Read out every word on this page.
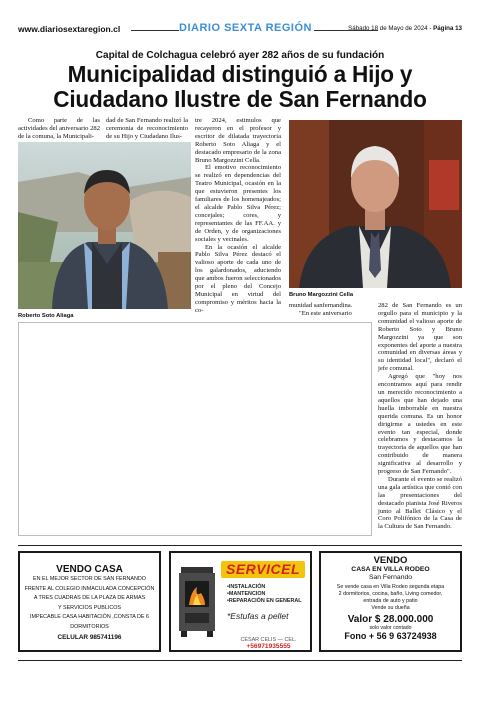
www.diariosextaregion.cl	DIARIO SEXTA REGIÓN	Sábado 18 de Mayo de 2024 - Página 13
Capital de Colchagua celebró ayer 282 años de su fundación
Municipalidad distinguió a Hijo y Ciudadano Ilustre de San Fernando

Como parte de las actividades del aniversario 282 de la comuna, la Municipali-

dad de San Fernando realizó la ceremonia de reconocimiento de su Hijo y Ciudadano Ilus-

Roberto Soto Aliaga

tre 2024, estimulos que recayeron en el profesor y escritor de dilatada trayectoria Roberto Soto Aliaga y el destacado empresario de la zona Bruno Margozzini Cella.

El emotivo reconocimiento se realizó en dependencias del Teatro Municipal, ocasión en la que estuvieron presentes los familiares de los homenajeados; el alcalde Pablo Silva Pérez; concejales; cores, y representantes de las FF.AA. y de Orden, y de organizaciones sociales y vecinales.

En la ocasión el alcalde Pablo Silva Pérez destacó el valioso aporte de cada uno de los galardonados, aduciendo que ambos fueron seleccionados por el pleno del Concejo Municipal en virtud del compromiso y méritos hacia la co-

Bruno Margozzini Cella

munidad sanfernandina.

"En este aniversario

282 de San Fernando es un orgullo para el municipio y la comunidad el valioso aporte de Roberto Soto y Bruno Margozzini ya que son exponentes del aporte a nuestra comunidad en diversas áreas y su identidad local", declaró el jefe comunal.

Agregó que "hoy nos encontramos aquí para rendir un merecido reconocimiento a aquellos que han dejado una huella imborrable en nuestra querida comuna. Es un honor dirigirme a ustedes en este evento tan especial, donde celebramos y destacamos la trayectoria de aquellos que han contribuido de manera significativa al desarrollo y progreso de San Fernando".

Durante el evento se realizó una gala artística que contó con las presentaciones del destacado pianista José Riveros junto al Ballet Clásico y el Coro Polifónico de la Casa de la Cultura de San Fernando.

VENDO CASA
EN EL MEJOR SECTOR DE SAN FERNANDO
FRENTE AL COLEGIO INMACULADA CONCEPCIÓN
A TRES CUADRAS DE LA PLAZA DE ARMAS
Y SERVICIOS PUBLICOS
IMPECABLE CASA HABITACIÓN ,CONSTA DE 6
DORMITORIOS
CELULAR 985741196
SERVICEL
•INSTALACIÓN
•MANTENCION
•REPARACIÓN EN GENERAL
*Estufas a pellet
CÉSAR CELIS — CEL. +56971935555
VENDO
CASA EN VILLA RODEO
San Fernando
Se vende casa en Villa Rodeo segunda etapa
2 dormitorios, cocina, baño, Living comedor,
entrada de auto y patio
Vende su dueña
Valor $ 28.000.000
solo valor contado
Fono + 56 9 63724938
